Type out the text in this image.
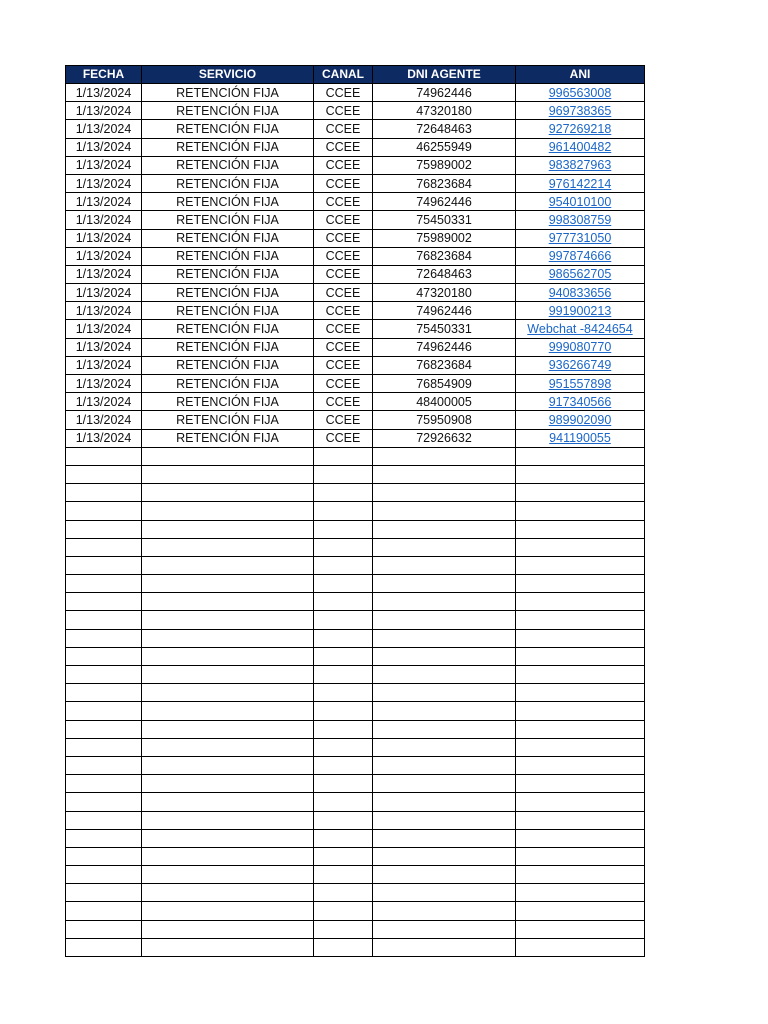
FECHA	SERVICIO	CANAL	DNI AGENTE	ANI
1/13/2024	RETENCIÓN FIJA	CCEE	74962446	996563008
1/13/2024	RETENCIÓN FIJA	CCEE	47320180	969738365
1/13/2024	RETENCIÓN FIJA	CCEE	72648463	927269218
1/13/2024	RETENCIÓN FIJA	CCEE	46255949	961400482
1/13/2024	RETENCIÓN FIJA	CCEE	75989002	983827963
1/13/2024	RETENCIÓN FIJA	CCEE	76823684	976142214
1/13/2024	RETENCIÓN FIJA	CCEE	74962446	954010100
1/13/2024	RETENCIÓN FIJA	CCEE	75450331	998308759
1/13/2024	RETENCIÓN FIJA	CCEE	75989002	977731050
1/13/2024	RETENCIÓN FIJA	CCEE	76823684	997874666
1/13/2024	RETENCIÓN FIJA	CCEE	72648463	986562705
1/13/2024	RETENCIÓN FIJA	CCEE	47320180	940833656
1/13/2024	RETENCIÓN FIJA	CCEE	74962446	991900213
1/13/2024	RETENCIÓN FIJA	CCEE	75450331	Webchat -8424654
1/13/2024	RETENCIÓN FIJA	CCEE	74962446	999080770
1/13/2024	RETENCIÓN FIJA	CCEE	76823684	936266749
1/13/2024	RETENCIÓN FIJA	CCEE	76854909	951557898
1/13/2024	RETENCIÓN FIJA	CCEE	48400005	917340566
1/13/2024	RETENCIÓN FIJA	CCEE	75950908	989902090
1/13/2024	RETENCIÓN FIJA	CCEE	72926632	941190055
